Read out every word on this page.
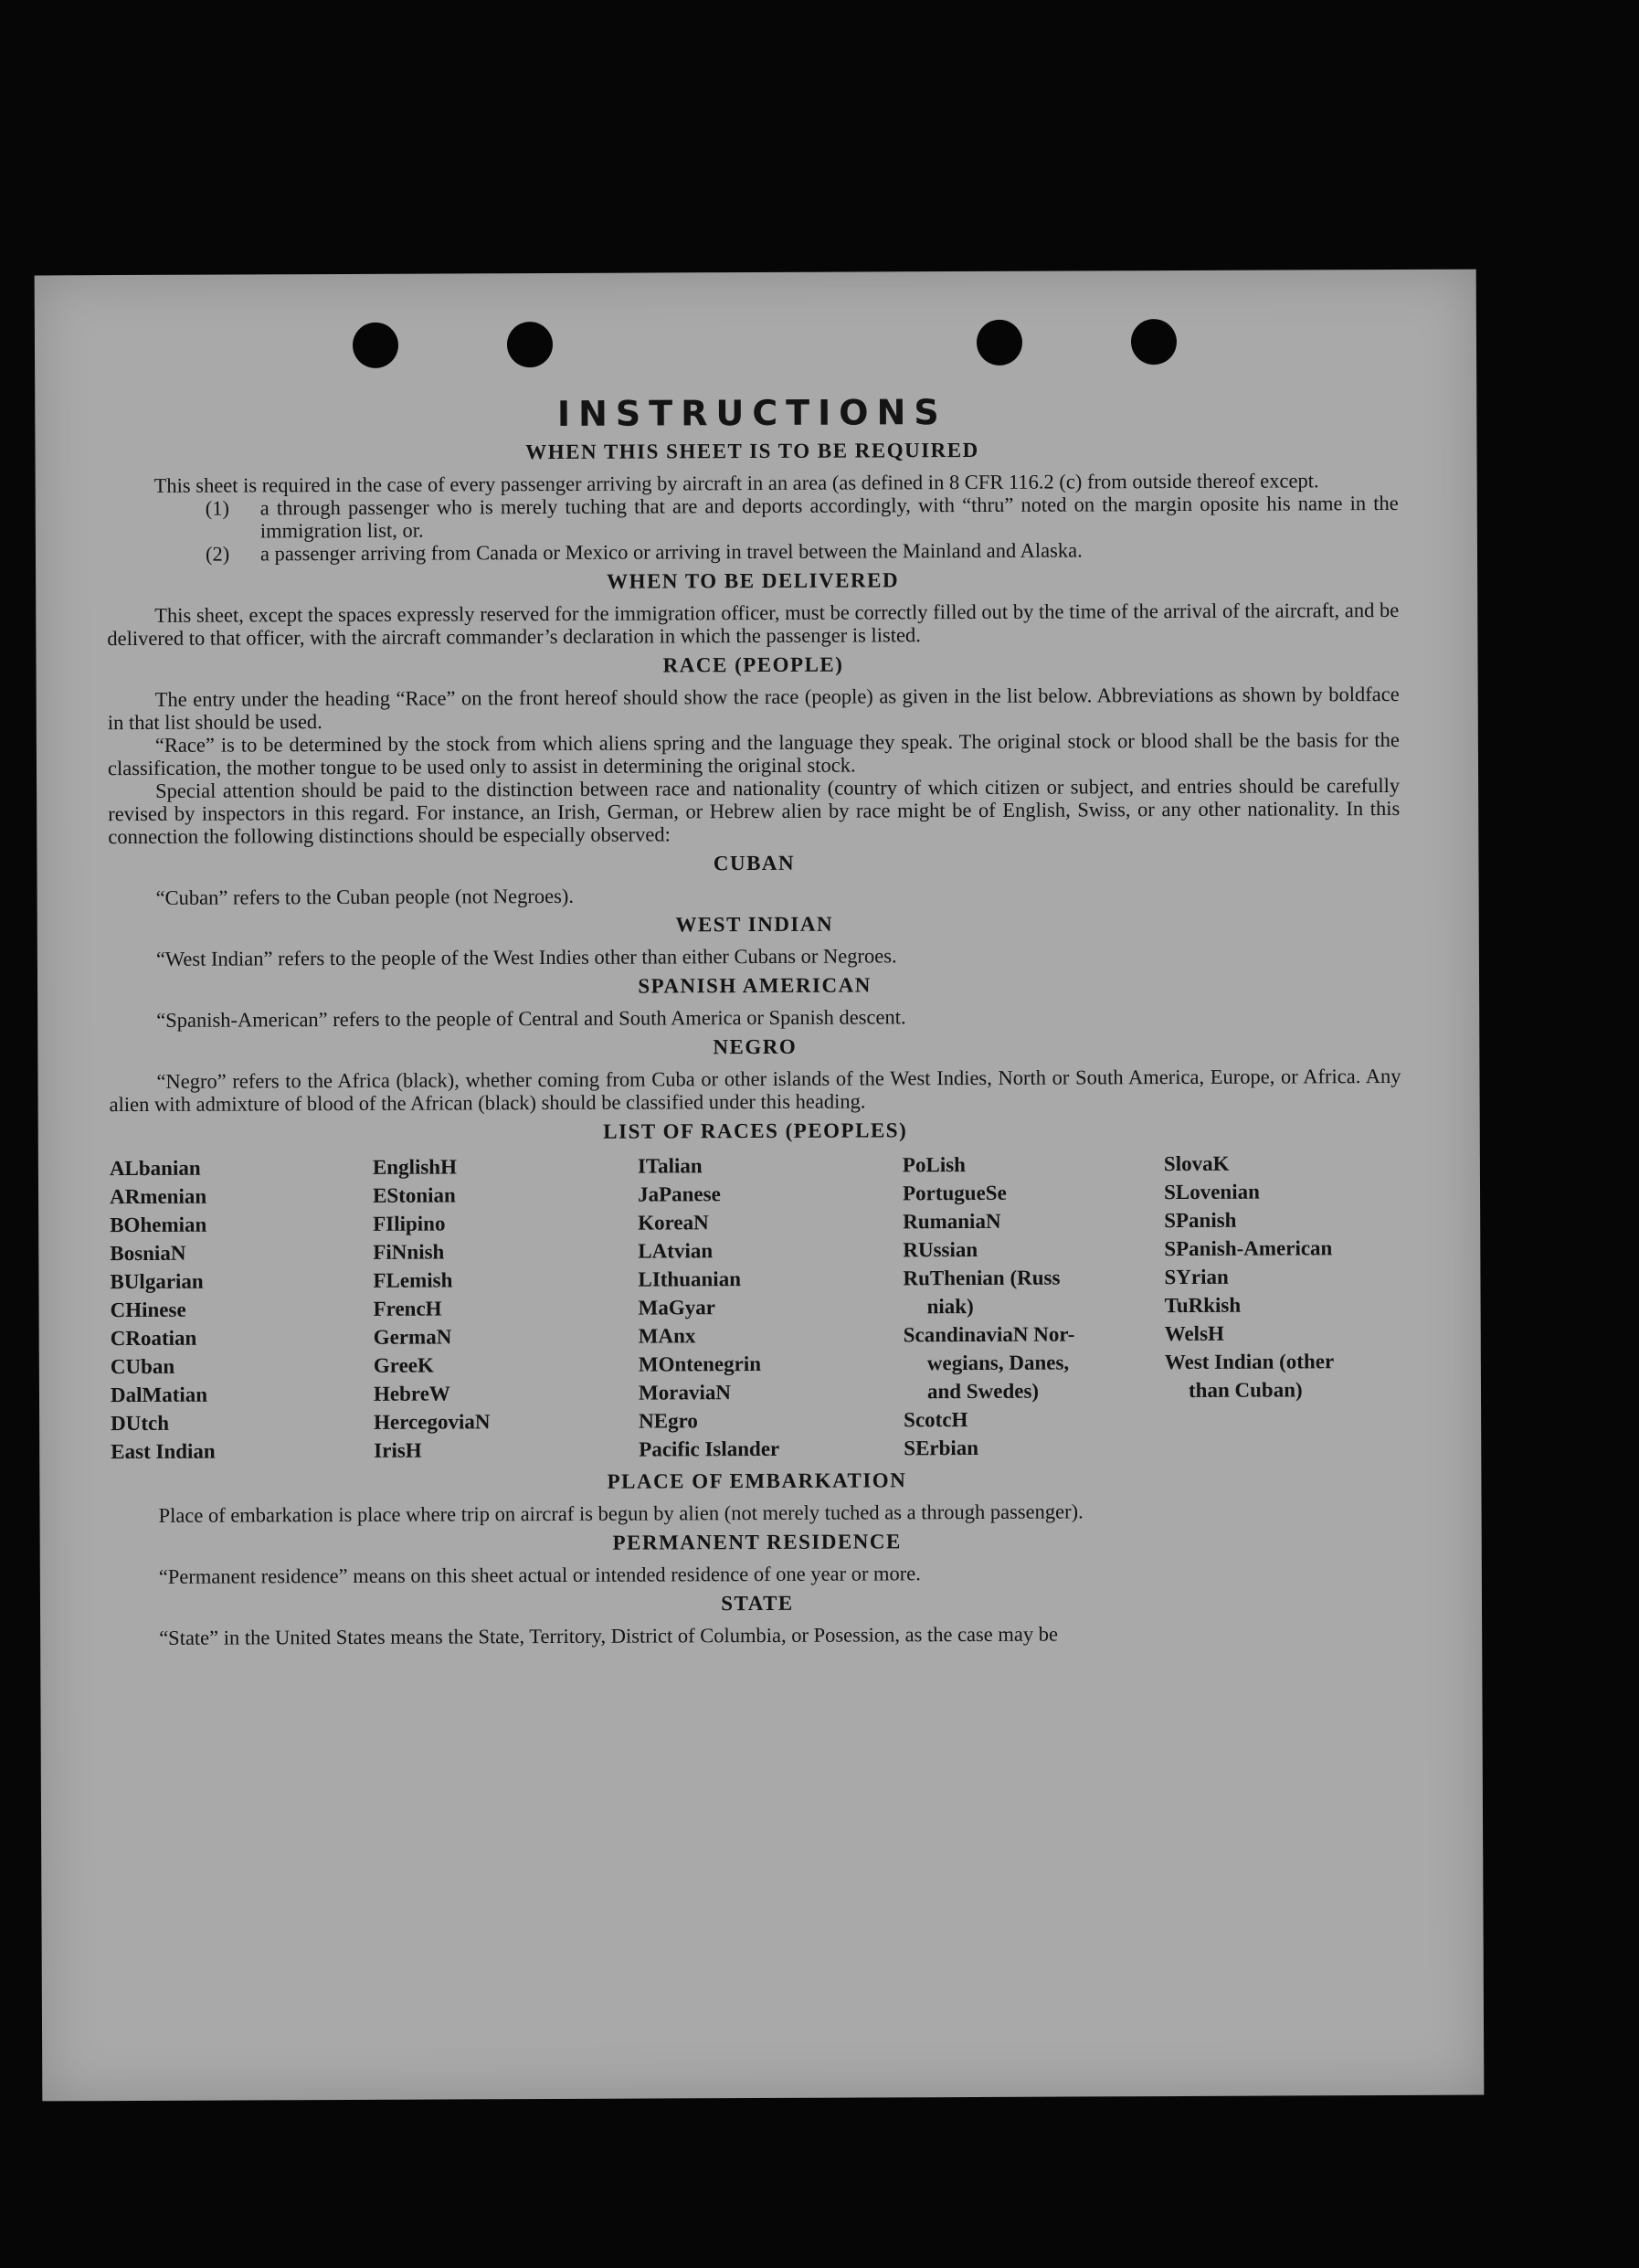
INSTRUCTIONS
WHEN THIS SHEET IS TO BE REQUIRED

This sheet is required in the case of every passenger arriving by aircraft in an area (as defined in 8 CFR 116.2 (c) from outside thereof except.

(1)	a through passenger who is merely tuching that are and deports accordingly, with “thru” noted on the margin oposite his name in the immigration list, or.
(2)	a passenger arriving from Canada or Mexico or arriving in travel between the Mainland and Alaska.
WHEN TO BE DELIVERED

This sheet, except the spaces expressly reserved for the immigration officer, must be correctly filled out by the time of the arrival of the aircraft, and be delivered to that officer, with the aircraft commander’s declaration in which the passenger is listed.

RACE (PEOPLE)

The entry under the heading “Race” on the front hereof should show the race (people) as given in the list below. Abbreviations as shown by boldface in that list should be used.

“Race” is to be determined by the stock from which aliens spring and the language they speak. The original stock or blood shall be the basis for the classification, the mother tongue to be used only to assist in determining the original stock.

Special attention should be paid to the distinction between race and nationality (country of which citizen or subject, and entries should be carefully revised by inspectors in this regard. For instance, an Irish, German, or Hebrew alien by race might be of English, Swiss, or any other nationality. In this connection the following distinctions should be especially observed:

CUBAN

“Cuban” refers to the Cuban people (not Negroes).

WEST INDIAN

“West Indian” refers to the people of the West Indies other than either Cubans or Negroes.

SPANISH AMERICAN

“Spanish-American” refers to the people of Central and South America or Spanish descent.

NEGRO

“Negro” refers to the Africa (black), whether coming from Cuba or other islands of the West Indies, North or South America, Europe, or Africa. Any alien with admixture of blood of the African (black) should be classified under this heading.

LIST OF RACES (PEOPLES)
ALbanian
ARmenian
BOhemian
BosniaN
BUlgarian
CHinese
CRoatian
CUban
DalMatian
DUtch
East Indian
EnglishH
EStonian
FIlipino
FiNnish
FLemish
FrencH
GermaN
GreeK
HebreW
HercegoviaN
IrisH
ITalian
JaPanese
KoreaN
LAtvian
LIthuanian
MaGyar
MAnx
MOntenegrin
MoraviaN
NEgro
Pacific Islander
PoLish
PortugueSe
RumaniaN
RUssian
RuThenian (Russ
niak)
ScandinaviaN Nor-
wegians, Danes,
and Swedes)
ScotcH
SErbian
SlovaK
SLovenian
SPanish
SPanish-American
SYrian
TuRkish
WelsH
West Indian (other
than Cuban)
PLACE OF EMBARKATION

Place of embarkation is place where trip on aircraf is begun by alien (not merely tuched as a through passenger).

PERMANENT RESIDENCE

“Permanent residence” means on this sheet actual or intended residence of one year or more.

STATE

“State” in the United States means the State, Territory, District of Columbia, or Posession, as the case may be
